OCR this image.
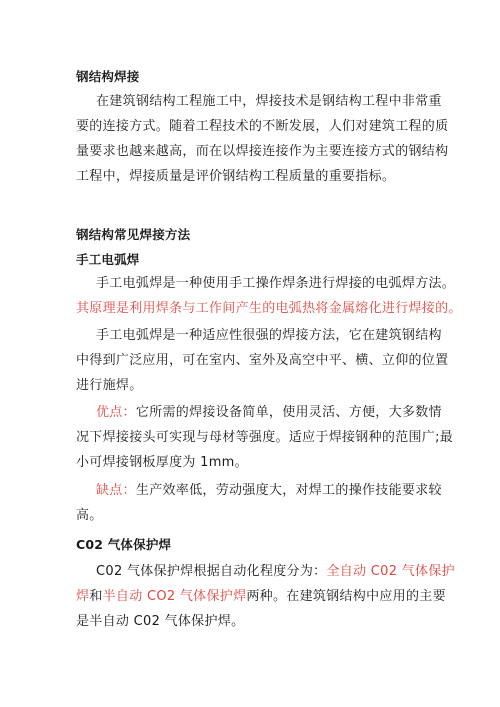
钢结构焊接
在建筑钢结构工程施工中，焊接技术是钢结构工程中非常重
要的连接方式。随着工程技术的不断发展，人们对建筑工程的质
量要求也越来越高，而在以焊接连接作为主要连接方式的钢结构
工程中，焊接质量是评价钢结构工程质量的重要指标。
钢结构常见焊接方法
手工电弧焊
手工电弧焊是一种使用手工操作焊条进行焊接的电弧焊方法。
其原理是利用焊条与工作间产生的电弧热将金属熔化进行焊接的。
手工电弧焊是一种适应性很强的焊接方法，它在建筑钢结构
中得到广泛应用，可在室内、室外及高空中平、横、立仰的位置
进行施焊。
优点：它所需的焊接设备简单，使用灵活、方便，大多数情
况下焊接接头可实现与母材等强度。适应于焊接钢种的范围广;最
小可焊接钢板厚度为 1mm。
缺点：生产效率低，劳动强度大，对焊工的操作技能要求较
高。
C02 气体保护焊
C02 气体保护焊根据自动化程度分为：全自动 C02 气体保护
焊和半自动 CO2 气体保护焊两种。在建筑钢结构中应用的主要
是半自动 C02 气体保护焊。
